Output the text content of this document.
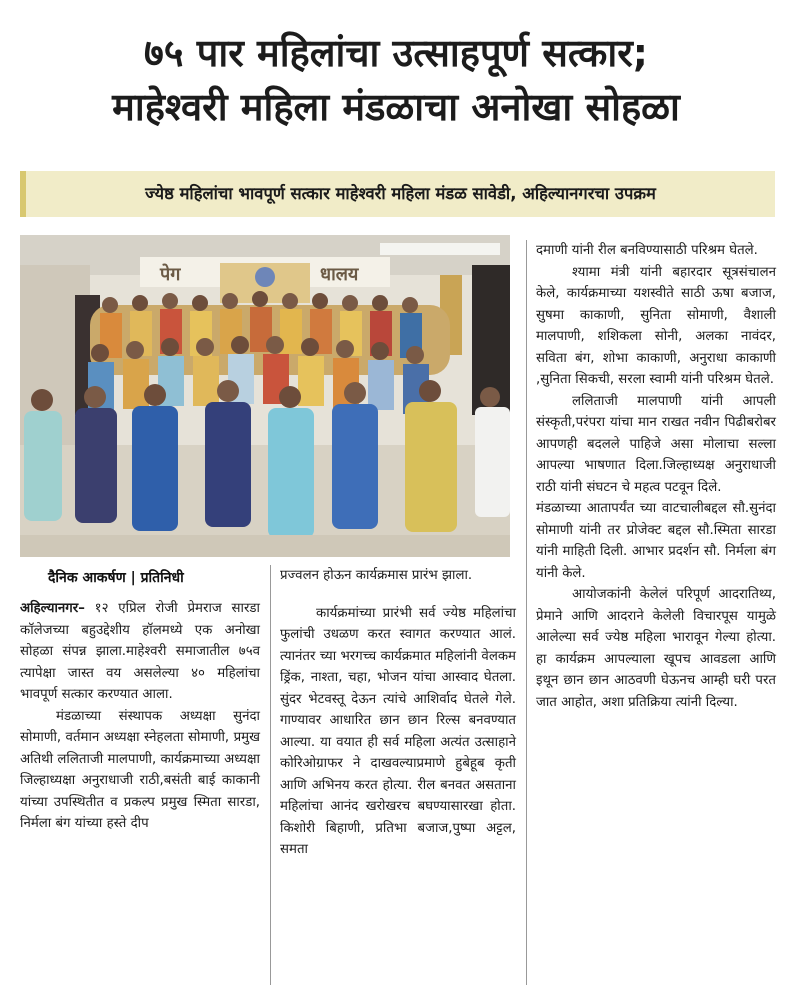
७५ पार महिलांचा उत्साहपूर्ण सत्कार;
माहेश्वरी महिला मंडळाचा अनोखा सोहळा
ज्येष्ठ महिलांचा भावपूर्ण सत्कार माहेश्वरी महिला मंडळ सावेडी, अहिल्यानगरचा उपक्रम
पेग	धालय
दैनिक आकर्षण | प्रतिनिधी

अहिल्यानगर– १२ एप्रिल रोजी प्रेमराज सारडा कॉलेजच्या बहुउद्देशीय हॉलमध्ये एक अनोखा सोहळा संपन्न झाला.माहेश्वरी समाजातील ७५व त्यापेक्षा जास्त वय असलेल्या ४० महिलांचा भावपूर्ण सत्कार करण्यात आला.

मंडळाच्या संस्थापक अध्यक्षा सुनंदा सोमाणी, वर्तमान अध्यक्षा स्नेहलता सोमाणी, प्रमुख अतिथी ललिताजी मालपाणी, कार्यक्रमाच्या अध्यक्षा जिल्हाध्यक्षा अनुराधाजी राठी,बसंती बाई काकानी यांच्या उपस्थितीत व प्रकल्प प्रमुख स्मिता सारडा, निर्मला बंग यांच्या हस्ते दीप

प्रज्वलन होऊन कार्यक्रमास प्रारंभ झाला.

कार्यक्रमांच्या प्रारंभी सर्व ज्येष्ठ महिलांचा फुलांची उधळण करत स्वागत करण्यात आलं. त्यानंतर च्या भरगच्च कार्यक्रमात महिलांनी वेलकम ड्रिंक, नाश्ता, चहा, भोजन यांचा आस्वाद घेतला. सुंदर भेटवस्तू देऊन त्यांचे आशिर्वाद घेतले गेले. गाण्यावर आधारित छान छान रिल्स बनवण्यात आल्या. या वयात ही सर्व महिला अत्यंत उत्साहाने कोरिओग्राफर ने दाखवल्याप्रमाणे हुबेहूब कृती आणि अभिनय करत होत्या. रील बनवत असताना महिलांचा आनंद खरोखरच बघण्यासारखा होता. किशोरी बिहाणी, प्रतिभा बजाज,पुष्पा अट्टल, समता

दमाणी यांनी रील बनविण्यासाठी परिश्रम घेतले.

श्यामा मंत्री यांनी बहारदार सूत्रसंचालन केले, कार्यक्रमाच्या यशस्वीते साठी ऊषा बजाज, सुषमा काकाणी, सुनिता सोमाणी, वैशाली मालपाणी, शशिकला सोनी, अलका नावंदर, सविता बंग, शोभा काकाणी, अनुराधा काकाणी ,सुनिता सिकची, सरला स्वामी यांनी परिश्रम घेतले.

ललिताजी मालपाणी यांनी आपली संस्कृती,परंपरा यांचा मान राखत नवीन पिढीबरोबर आपणही बदलले पाहिजे असा मोलाचा सल्ला आपल्या भाषणात दिला.जिल्हाध्यक्ष अनुराधाजी राठी यांनी संघटन चे महत्व पटवून दिले.

मंडळाच्या आतापर्यंत च्या वाटचालीबद्दल सौ.सुनंदा सोमाणी यांनी तर प्रोजेक्ट बद्दल सौ.स्मिता सारडा यांनी माहिती दिली. आभार प्रदर्शन सौ. निर्मला बंग यांनी केले.

आयोजकांनी केलेलं परिपूर्ण आदरातिथ्य, प्रेमाने आणि आदराने केलेली विचारपूस यामुळे आलेल्या सर्व ज्येष्ठ महिला भारावून गेल्या होत्या. हा कार्यक्रम आपल्याला खूपच आवडला आणि इथून छान छान आठवणी घेऊनच आम्ही घरी परत जात आहोत, अशा प्रतिक्रिया त्यांनी दिल्या.
